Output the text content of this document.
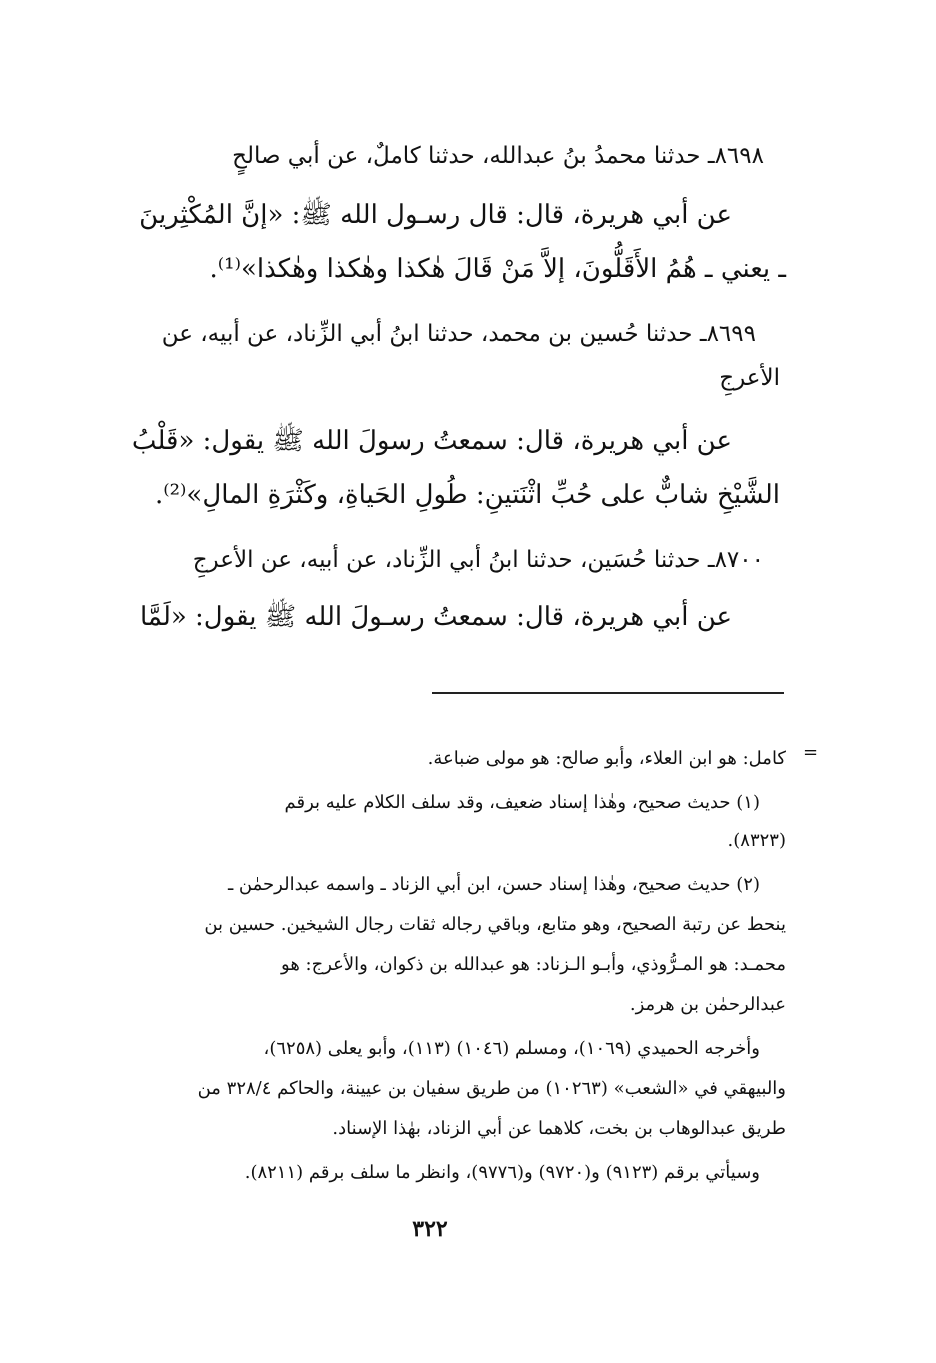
٨٦٩٨ـ حدثنا محمدُ بنُ عبدالله، حدثنا كاملٌ، عن أبي صالحٍ

عن أبي هريرة، قال: قال رسـول الله ﷺ: «إنَّ المُكْثِرينَ

ـ يعني ـ هُمُ الأَقَلُّونَ، إلاَّ مَنْ قَالَ هٰكذا وهٰكذا وهٰكذا»⁽¹⁾.

٨٦٩٩ـ حدثنا حُسين بن محمد، حدثنا ابنُ أبي الزِّناد، عن أبيه، عن

الأعرجِ

عن أبي هريرة، قال: سمعتُ رسولَ الله ﷺ يقول: «قَلْبُ

الشَّيْخِ شابٌّ على حُبِّ اثْنَتينِ: طُولِ الحَياةِ، وكَثْرَةِ المالِ»⁽²⁾.

٨٧٠٠ـ حدثنا حُسَين، حدثنا ابنُ أبي الزِّناد، عن أبيه، عن الأعرجِ

عن أبي هريرة، قال: سمعتُ رسـولَ الله ﷺ يقول: «لَمَّا

=

كامل: هو ابن العلاء، وأبو صالح: هو مولى ضباعة.

(١) حديث صحيح، وهٰذا إسناد ضعيف، وقد سلف الكلام عليه برقم

(٨٣٢٣).

(٢) حديث صحيح، وهٰذا إسناد حسن، ابن أبي الزناد ـ واسمه عبدالرحمٰن ـ

ينحط عن رتبة الصحيح، وهو متابع، وباقي رجاله ثقات رجال الشيخين. حسين بن

محمـد: هو المـرُّوذي، وأبـو الـزناد: هو عبدالله بن ذكوان، والأعرج: هو

عبدالرحمٰن بن هرمز.

وأخرجه الحميدي (١٠٦٩)، ومسلم (١٠٤٦) (١١٣)، وأبو يعلى (٦٢٥٨)،

والبيهقي في «الشعب» (١٠٢٦٣) من طريق سفيان بن عيينة، والحاكم ٣٢٨/٤ من

طريق عبدالوهاب بن بخت، كلاهما عن أبي الزناد، بهٰذا الإسناد.

وسيأتي برقم (٩١٢٣) و(٩٧٢٠) و(٩٧٧٦)، وانظر ما سلف برقم (٨٢١١).

٣٢٢
